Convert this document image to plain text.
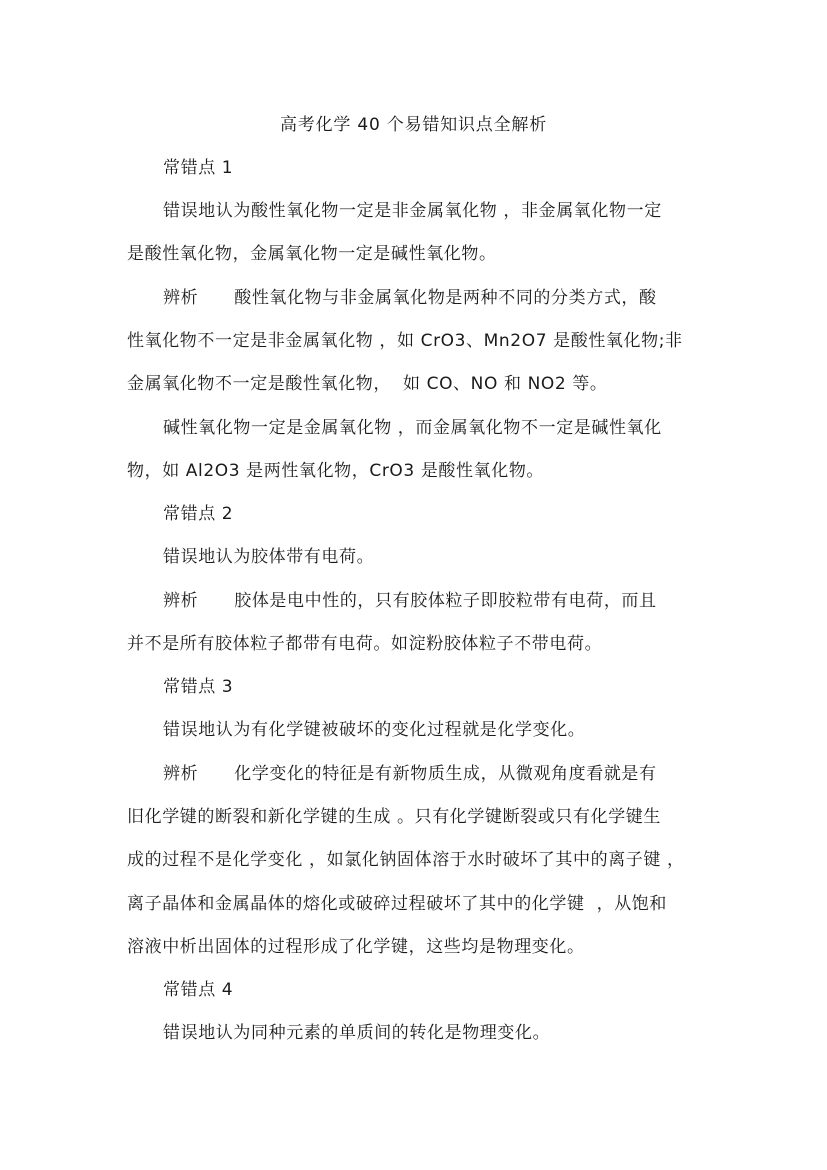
高考化学 40 个易错知识点全解析
常错点 1
错误地认为酸性氧化物一定是非金属氧化物 ，非金属氧化物一定
是酸性氧化物，金属氧化物一定是碱性氧化物。
辨析      酸性氧化物与非金属氧化物是两种不同的分类方式，酸
性氧化物不一定是非金属氧化物 ，如 CrO3、Mn2O7 是酸性氧化物;非
金属氧化物不一定是酸性氧化物，  如 CO、NO 和 NO2 等。
碱性氧化物一定是金属氧化物 ，而金属氧化物不一定是碱性氧化
物，如 Al2O3 是两性氧化物，CrO3 是酸性氧化物。
常错点 2
错误地认为胶体带有电荷。
辨析      胶体是电中性的，只有胶体粒子即胶粒带有电荷，而且
并不是所有胶体粒子都带有电荷。如淀粉胶体粒子不带电荷。
常错点 3
错误地认为有化学键被破坏的变化过程就是化学变化。
辨析      化学变化的特征是有新物质生成，从微观角度看就是有
旧化学键的断裂和新化学键的生成 。只有化学键断裂或只有化学键生
成的过程不是化学变化 ，如氯化钠固体溶于水时破坏了其中的离子键 ，
离子晶体和金属晶体的熔化或破碎过程破坏了其中的化学键  ，从饱和
溶液中析出固体的过程形成了化学键，这些均是物理变化。
常错点 4
错误地认为同种元素的单质间的转化是物理变化。
